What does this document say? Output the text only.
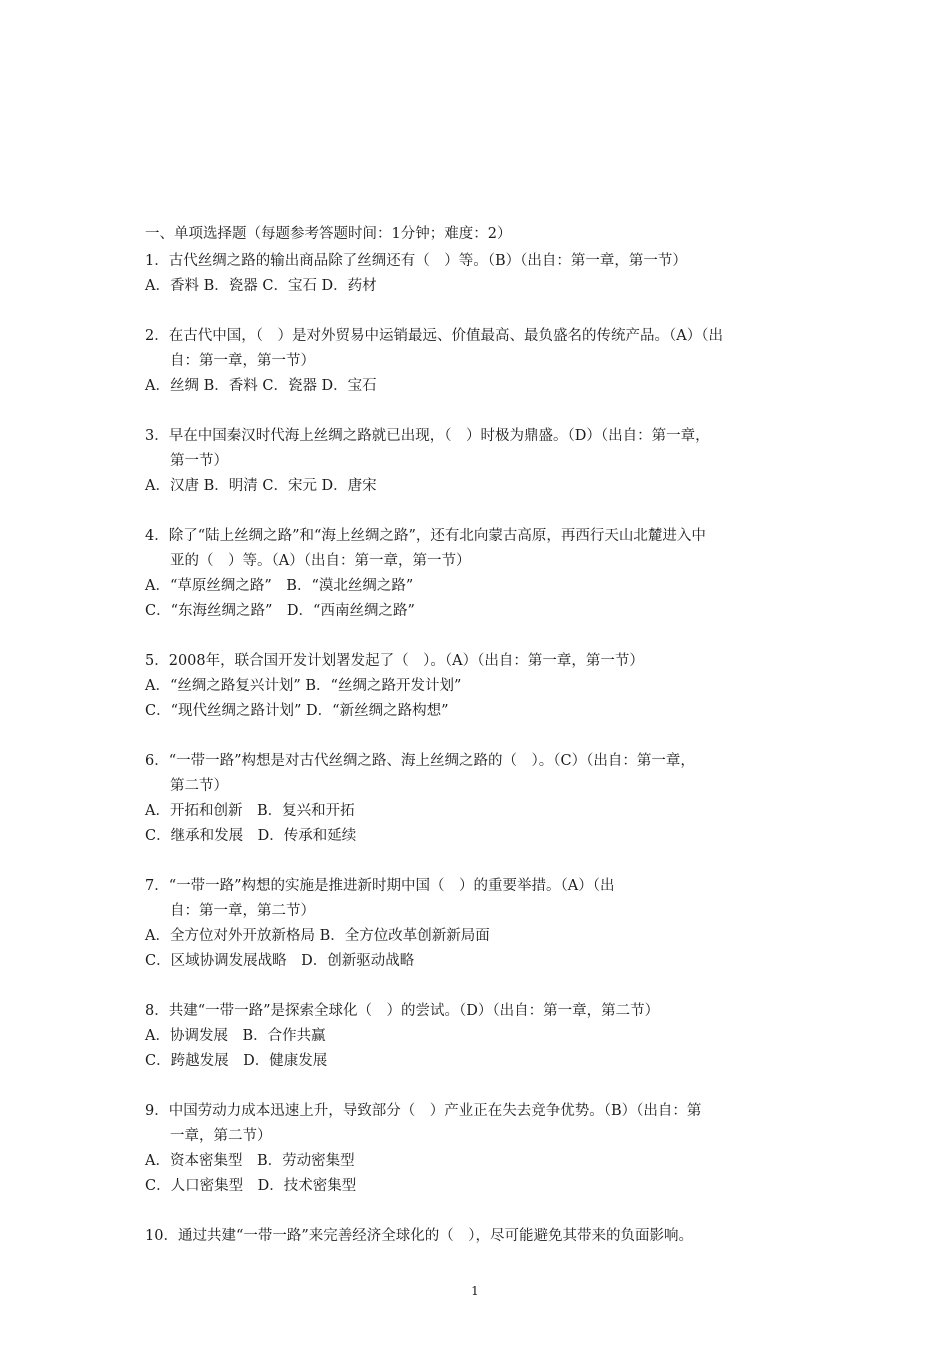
一、单项选择题（每题参考答题时间：1分钟；难度：2）
1．古代丝绸之路的输出商品除了丝绸还有（　）等。（B）（出自：第一章，第一节）
A．香料 B．瓷器 C．宝石 D．药材
2．在古代中国，（　）是对外贸易中运销最远、价值最高、最负盛名的传统产品。（A）（出
自：第一章，第一节）
A．丝绸 B．香料 C．瓷器 D．宝石
3．早在中国秦汉时代海上丝绸之路就已出现，（　）时极为鼎盛。（D）（出自：第一章，
第一节）
A．汉唐 B．明清 C．宋元 D．唐宋
4．除了“陆上丝绸之路”和“海上丝绸之路”，还有北向蒙古高原，再西行天山北麓进入中
亚的（　）等。（A）（出自：第一章，第一节）
A．“草原丝绸之路”　B．“漠北丝绸之路”
C．“东海丝绸之路”　D．“西南丝绸之路”
5．2008年，联合国开发计划署发起了（　）。（A）（出自：第一章，第一节）
A．“丝绸之路复兴计划” B．“丝绸之路开发计划”
C．“现代丝绸之路计划” D．“新丝绸之路构想”
6．“一带一路”构想是对古代丝绸之路、海上丝绸之路的（　）。（C）（出自：第一章，
第二节）
A．开拓和创新　B．复兴和开拓
C．继承和发展　D．传承和延续
7．“一带一路”构想的实施是推进新时期中国（　）的重要举措。（A）（出
自：第一章，第二节）
A．全方位对外开放新格局 B．全方位改革创新新局面
C．区域协调发展战略　D．创新驱动战略
8．共建“一带一路”是探索全球化（　）的尝试。（D）（出自：第一章，第二节）
A．协调发展　B．合作共赢
C．跨越发展　D．健康发展
9．中国劳动力成本迅速上升，导致部分（　）产业正在失去竞争优势。（B）（出自：第
一章，第二节）
A．资本密集型　B．劳动密集型
C．人口密集型　D．技术密集型
10．通过共建“一带一路”来完善经济全球化的（　），尽可能避免其带来的负面影响。
1
